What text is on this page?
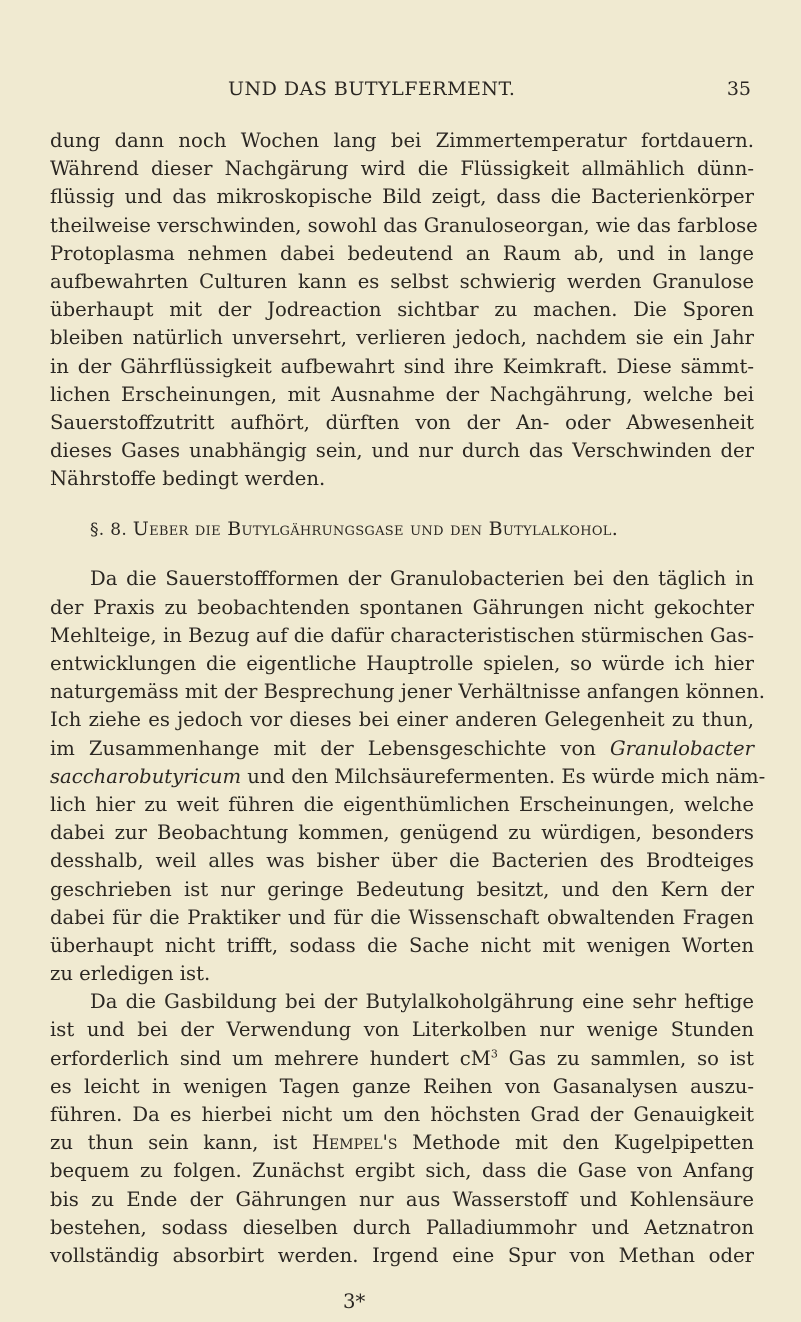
UND DAS BUTYLFERMENT.	35

dung dann noch Wochen lang bei Zimmertemperatur fortdauern.
Während dieser Nachgärung wird die Flüssigkeit allmählich dünn-
flüssig und das mikroskopische Bild zeigt, dass die Bacterienkörper
theilweise verschwinden, sowohl das Granuloseorgan, wie das farblose
Protoplasma nehmen dabei bedeutend an Raum ab, und in lange
aufbewahrten Culturen kann es selbst schwierig werden Granulose
überhaupt mit der Jodreaction sichtbar zu machen. Die Sporen
bleiben natürlich unversehrt, verlieren jedoch, nachdem sie ein Jahr
in der Gährflüssigkeit aufbewahrt sind ihre Keimkraft. Diese sämmt-
lichen Erscheinungen, mit Ausnahme der Nachgährung, welche bei
Sauerstoffzutritt aufhört, dürften von der An- oder Abwesenheit
dieses Gases unabhängig sein, und nur durch das Verschwinden der
Nährstoffe bedingt werden.

§. 8. Ueber die Butylgährungsgase und den Butylalkohol.

Da die Sauerstoffformen der Granulobacterien bei den täglich in
der Praxis zu beobachtenden spontanen Gährungen nicht gekochter
Mehlteige, in Bezug auf die dafür characteristischen stürmischen Gas-
entwicklungen die eigentliche Hauptrolle spielen, so würde ich hier
naturgemäss mit der Besprechung jener Verhältnisse anfangen können.
Ich ziehe es jedoch vor dieses bei einer anderen Gelegenheit zu thun,
im Zusammenhange mit der Lebensgeschichte von Granulobacter
saccharobutyricum und den Milchsäurefermenten. Es würde mich näm-
lich hier zu weit führen die eigenthümlichen Erscheinungen, welche
dabei zur Beobachtung kommen, genügend zu würdigen, besonders
desshalb, weil alles was bisher über die Bacterien des Brodteiges
geschrieben ist nur geringe Bedeutung besitzt, und den Kern der
dabei für die Praktiker und für die Wissenschaft obwaltenden Fragen
überhaupt nicht trifft, sodass die Sache nicht mit wenigen Worten
zu erledigen ist.

Da die Gasbildung bei der Butylalkoholgährung eine sehr heftige
ist und bei der Verwendung von Literkolben nur wenige Stunden
erforderlich sind um mehrere hundert $cM^3$ Gas zu sammlen, so ist
es leicht in wenigen Tagen ganze Reihen von Gasanalysen auszu-
führen. Da es hierbei nicht um den höchsten Grad der Genauigkeit
zu thun sein kann, ist Hempel's Methode mit den Kugelpipetten
bequem zu folgen. Zunächst ergibt sich, dass die Gase von Anfang
bis zu Ende der Gährungen nur aus Wasserstoff und Kohlensäure
bestehen, sodass dieselben durch Palladiummohr und Aetznatron
vollständig absorbirt werden. Irgend eine Spur von Methan oder

3*
